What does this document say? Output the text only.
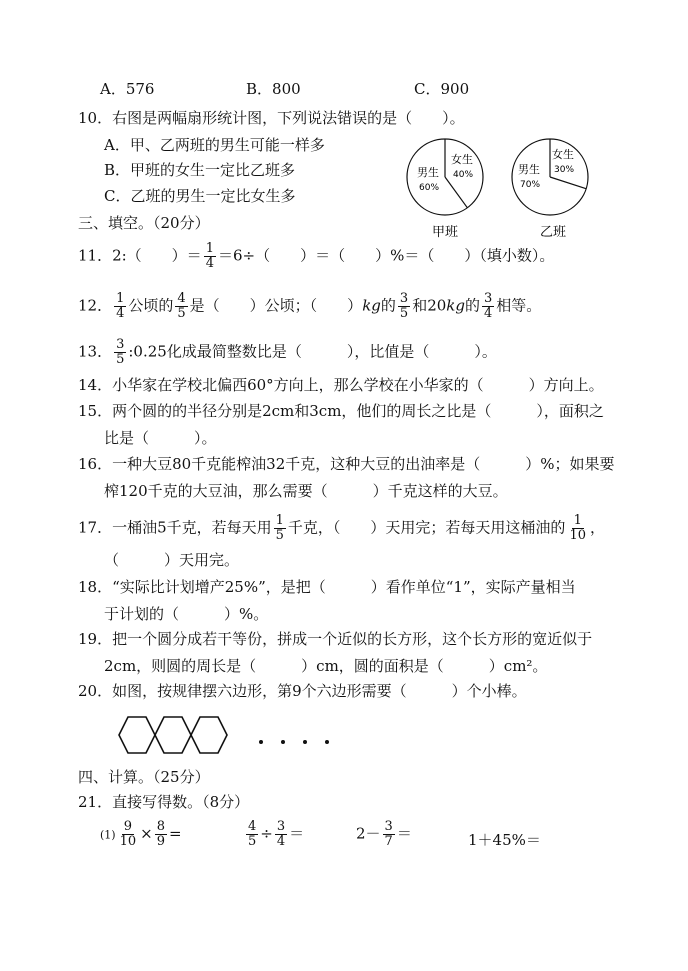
A．576	B．800	C．900
10．右图是两幅扇形统计图，下列说法错误的是（　　）。
A．甲、乙两班的男生可能一样多
B．甲班的女生一定比乙班多
C．乙班的男生一定比女生多
男生
60%
女生
40%
甲班
男生
70%
女生
30%
乙班
三、填空。（20分）
11．2:（　　）＝ $\frac{1}{4} =6\div$（　　）＝（　　）%＝（　　）（填小数）。
12． $\frac{1}{4}$ 公顷的 $\frac{4}{5}$ 是（　　）公顷；（　　）kg的 $\frac{3}{5}$ 和20kg的 $\frac{3}{4}$ 相等。
13． $\frac{3}{5}$ :0.25化成最简整数比是（　　　），比值是（　　　）。
14．小华家在学校北偏西60°方向上，那么学校在小华家的（　　　）方向上。
15．两个圆的的半径分别是2cm和3cm，他们的周长之比是（　　　），面积之
比是（　　　）。
16．一种大豆80千克能榨油32千克，这种大豆的出油率是（　　　）%；如果要
榨120千克的大豆油，那么需要（　　　）千克这样的大豆。
17．一桶油5千克，若每天用 $\frac{1}{5}$ 千克，（　　）天用完；若每天用这桶油的 $\frac{1}{10}$ ，
（　　　）天用完。
18．“实际比计划增产25%”，是把（　　　）看作单位“1”，实际产量相当
于计划的（　　　）%。
19．把一个圆分成若干等份，拼成一个近似的长方形，这个长方形的宽近似于
2cm，则圆的周长是（　　　）cm，圆的面积是（　　　）cm²。
20．如图，按规律摆六边形，第9个六边形需要（　　　）个小棒。
四、计算。（25分）
21．直接写得数。（8分）
$(1) \frac{9}{10} \times \frac{8}{9}$ =	$\frac{4}{5} \div \frac{3}{4}$ ＝	$2- \frac{3}{7}$ ＝	1＋45%＝
